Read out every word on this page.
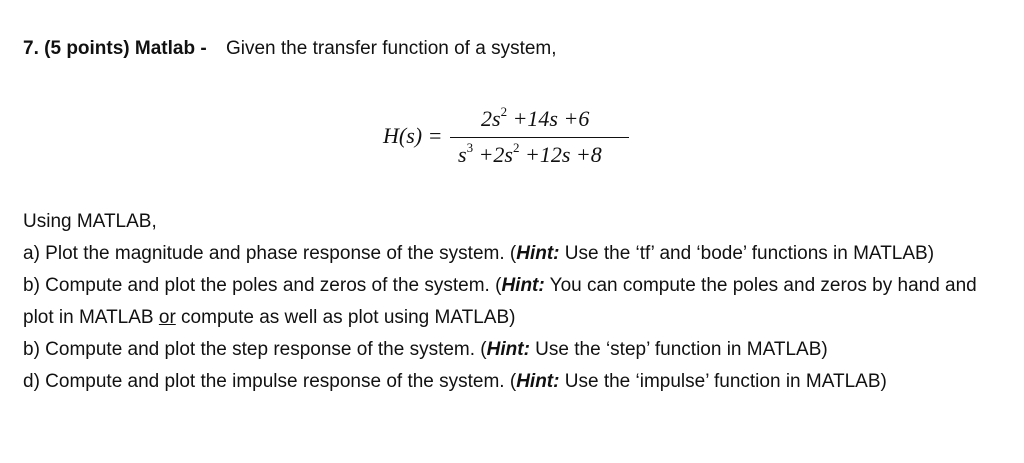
7. (5 points) Matlab - Given the transfer function of a system,
H(s) =
$2s^2 +14s +6$
$s^3 +2s^2 +12s +8$

Using MATLAB,

a) Plot the magnitude and phase response of the system. (Hint: Use the ‘tf’ and ‘bode’ functions in MATLAB)

b) Compute and plot the poles and zeros of the system. (Hint: You can compute the poles and zeros by hand and plot in MATLAB or compute as well as plot using MATLAB)

b) Compute and plot the step response of the system. (Hint: Use the ‘step’ function in MATLAB)

d) Compute and plot the impulse response of the system. (Hint: Use the ‘impulse’ function in MATLAB)
